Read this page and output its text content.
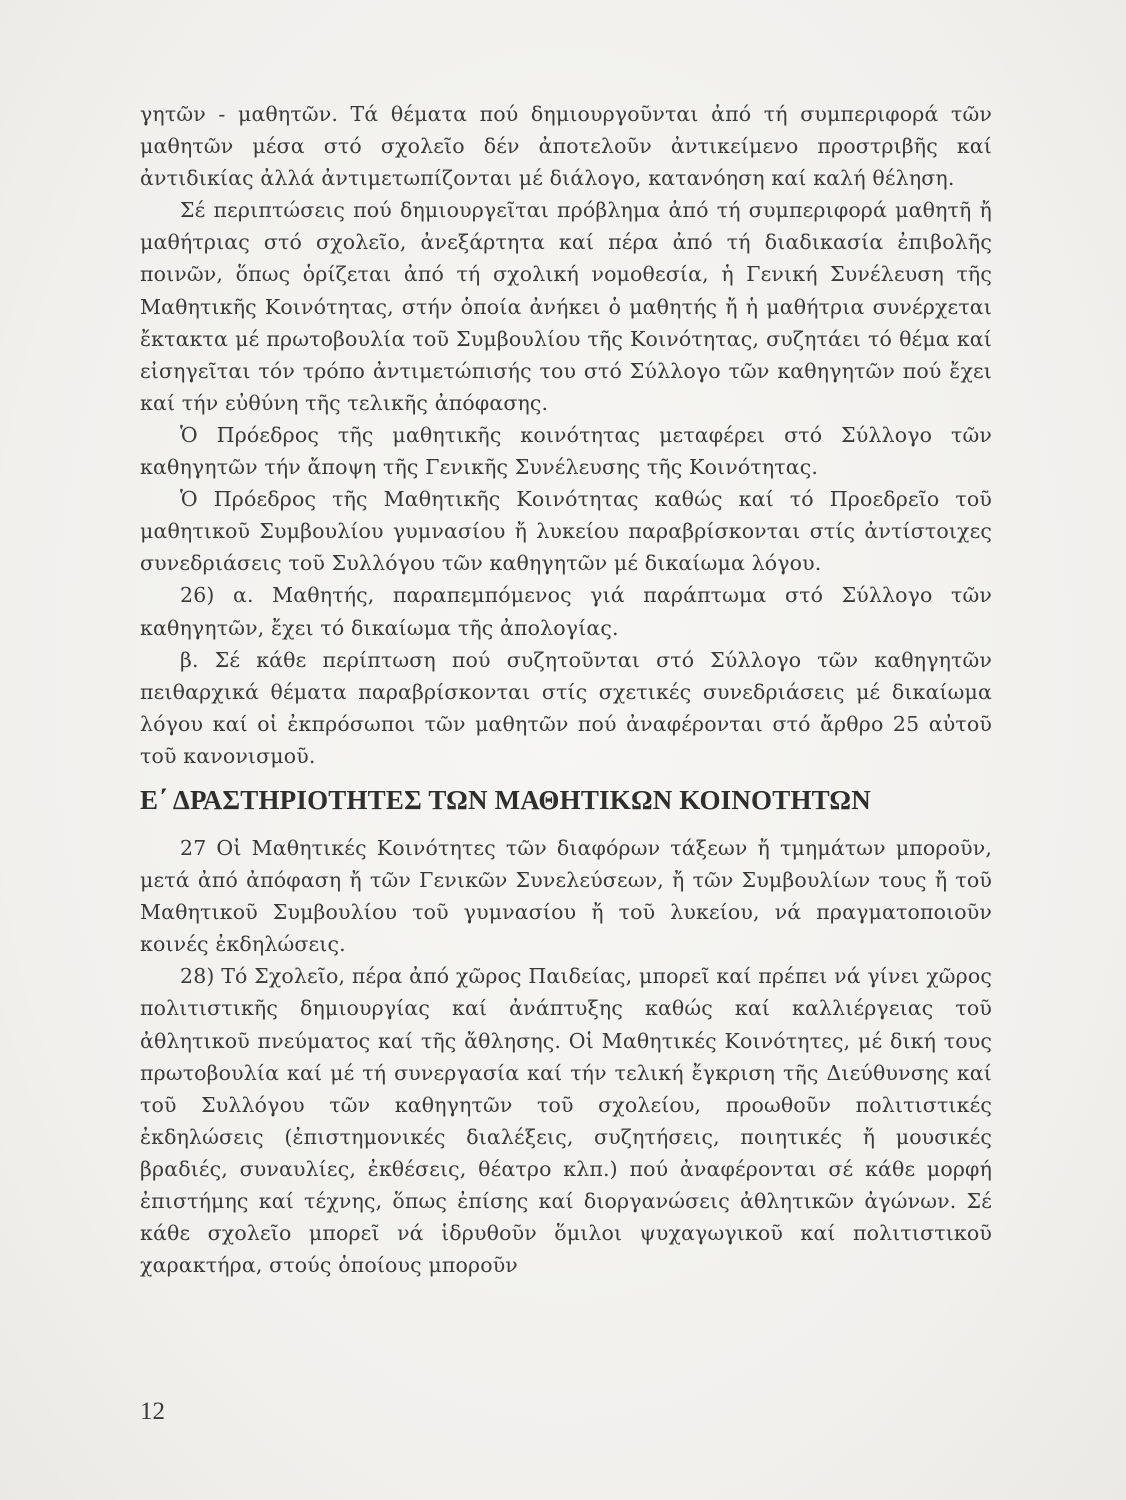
γητῶν - μαθητῶν. Τά θέματα πού δημιουργοῦνται ἀπό τή συμπεριφορά τῶν μαθητῶν μέσα στό σχολεῖο δέν ἀποτελοῦν ἀντικείμενο προστριβῆς καί ἀντιδικίας ἀλλά ἀντιμετωπίζονται μέ διάλογο, κατανόηση καί καλή θέληση.

Σέ περιπτώσεις πού δημιουργεῖται πρόβλημα ἀπό τή συμπεριφορά μαθητῆ ἤ μαθήτριας στό σχολεῖο, ἀνεξάρτητα καί πέρα ἀπό τή διαδικασία ἐπιβολῆς ποινῶν, ὅπως ὁρίζεται ἀπό τή σχολική νομοθεσία, ἡ Γενική Συνέλευση τῆς Μαθητικῆς Κοινότητας, στήν ὁποία ἀνήκει ὁ μαθητής ἤ ἡ μαθήτρια συνέρχεται ἔκτακτα μέ πρωτοβουλία τοῦ Συμβουλίου τῆς Κοινότητας, συζητάει τό θέμα καί εἰσηγεῖται τόν τρόπο ἀντιμετώπισής του στό Σύλλογο τῶν καθηγητῶν πού ἔχει καί τήν εὐθύνη τῆς τελικῆς ἀπόφασης.

Ὁ Πρόεδρος τῆς μαθητικῆς κοινότητας μεταφέρει στό Σύλλογο τῶν καθηγητῶν τήν ἄποψη τῆς Γενικῆς Συνέλευσης τῆς Κοινότητας.

Ὁ Πρόεδρος τῆς Μαθητικῆς Κοινότητας καθώς καί τό Προεδρεῖο τοῦ μαθητικοῦ Συμβουλίου γυμνασίου ἤ λυκείου παραβρίσκονται στίς ἀντίστοιχες συνεδριάσεις τοῦ Συλλόγου τῶν καθηγητῶν μέ δικαίωμα λόγου.

26) α. Μαθητής, παραπεμπόμενος γιά παράπτωμα στό Σύλλογο τῶν καθηγητῶν, ἔχει τό δικαίωμα τῆς ἀπολογίας.

β. Σέ κάθε περίπτωση πού συζητοῦνται στό Σύλλογο τῶν καθηγητῶν πειθαρχικά θέματα παραβρίσκονται στίς σχετικές συνεδριάσεις μέ δικαίωμα λόγου καί οἱ ἐκπρόσωποι τῶν μαθητῶν πού ἀναφέρονται στό ἄρθρο 25 αὐτοῦ τοῦ κανονισμοῦ.

Ε΄ ΔΡΑΣΤΗΡΙΟΤΗΤΕΣ ΤΩΝ ΜΑΘΗΤΙΚΩΝ ΚΟΙΝΟΤΗΤΩΝ

27 Οἱ Μαθητικές Κοινότητες τῶν διαφόρων τάξεων ἤ τμημάτων μποροῦν, μετά ἀπό ἀπόφαση ἤ τῶν Γενικῶν Συνελεύσεων, ἤ τῶν Συμβουλίων τους ἤ τοῦ Μαθητικοῦ Συμβουλίου τοῦ γυμνασίου ἤ τοῦ λυκείου, νά πραγματοποιοῦν κοινές ἐκδηλώσεις.

28) Τό Σχολεῖο, πέρα ἀπό χῶρος Παιδείας, μπορεῖ καί πρέπει νά γίνει χῶρος πολιτιστικῆς δημιουργίας καί ἀνάπτυξης καθώς καί καλλιέργειας τοῦ ἀθλητικοῦ πνεύματος καί τῆς ἄθλησης. Οἱ Μαθητικές Κοινότητες, μέ δική τους πρωτοβουλία καί μέ τή συνεργασία καί τήν τελική ἔγκριση τῆς Διεύθυνσης καί τοῦ Συλλόγου τῶν καθηγητῶν τοῦ σχολείου, προωθοῦν πολιτιστικές ἐκδηλώσεις (ἐπιστημονικές διαλέξεις, συζητήσεις, ποιητικές ἤ μουσικές βραδιές, συναυλίες, ἐκθέσεις, θέατρο κλπ.) πού ἀναφέρονται σέ κάθε μορφή ἐπιστήμης καί τέχνης, ὅπως ἐπίσης καί διοργανώσεις ἀθλητικῶν ἀγώνων. Σέ κάθε σχολεῖο μπορεῖ νά ἱδρυθοῦν ὅμιλοι ψυχαγωγικοῦ καί πολιτιστικοῦ χαρακτήρα, στούς ὁποίους μποροῦν

12
